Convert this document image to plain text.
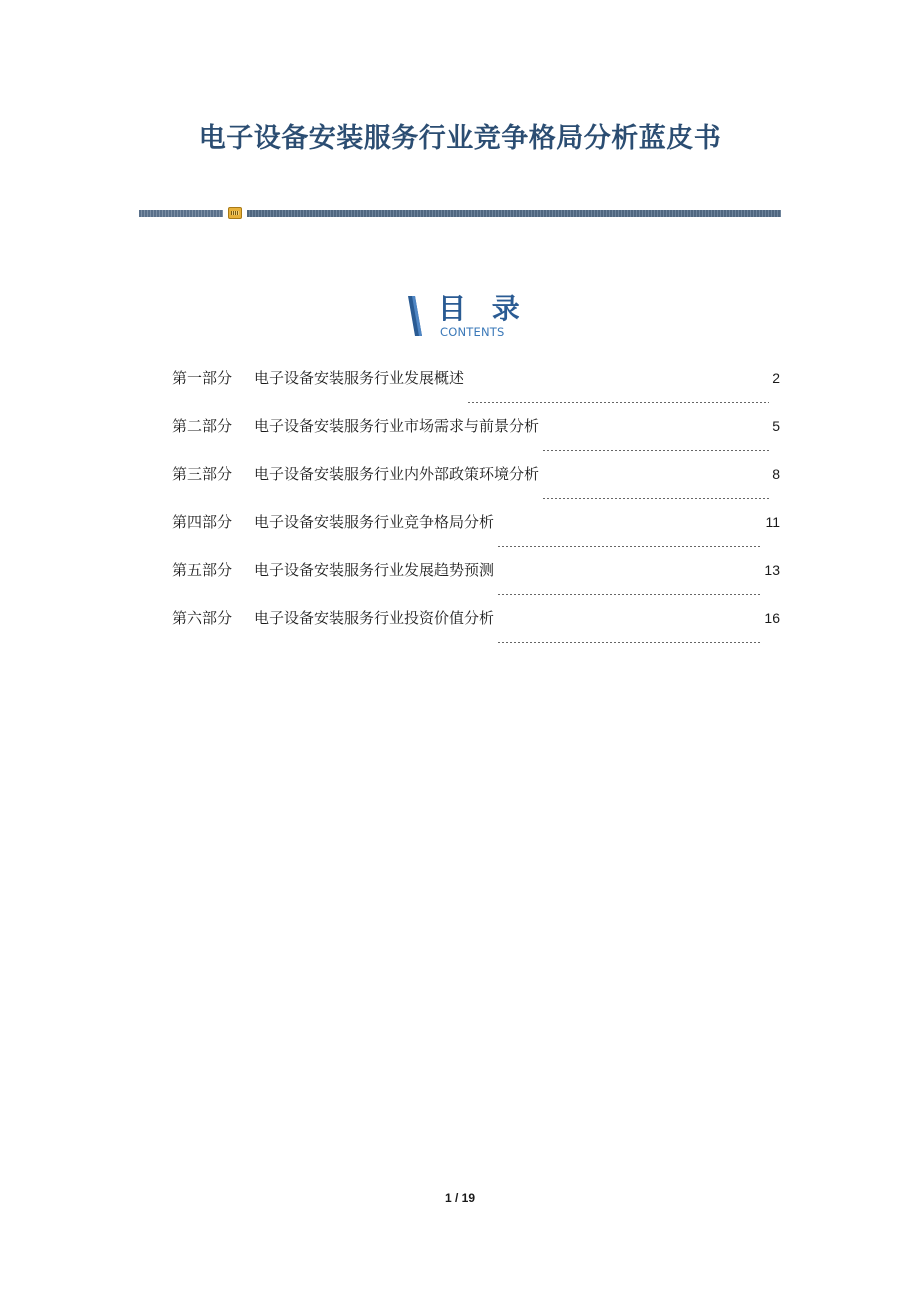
电子设备安装服务行业竞争格局分析蓝皮书
目 录
CONTENTS
第一部分	电子设备安装服务行业发展概述	2
第二部分	电子设备安装服务行业市场需求与前景分析	5
第三部分	电子设备安装服务行业内外部政策环境分析	8
第四部分	电子设备安装服务行业竞争格局分析	11
第五部分	电子设备安装服务行业发展趋势预测	13
第六部分	电子设备安装服务行业投资价值分析	16
1 / 19
